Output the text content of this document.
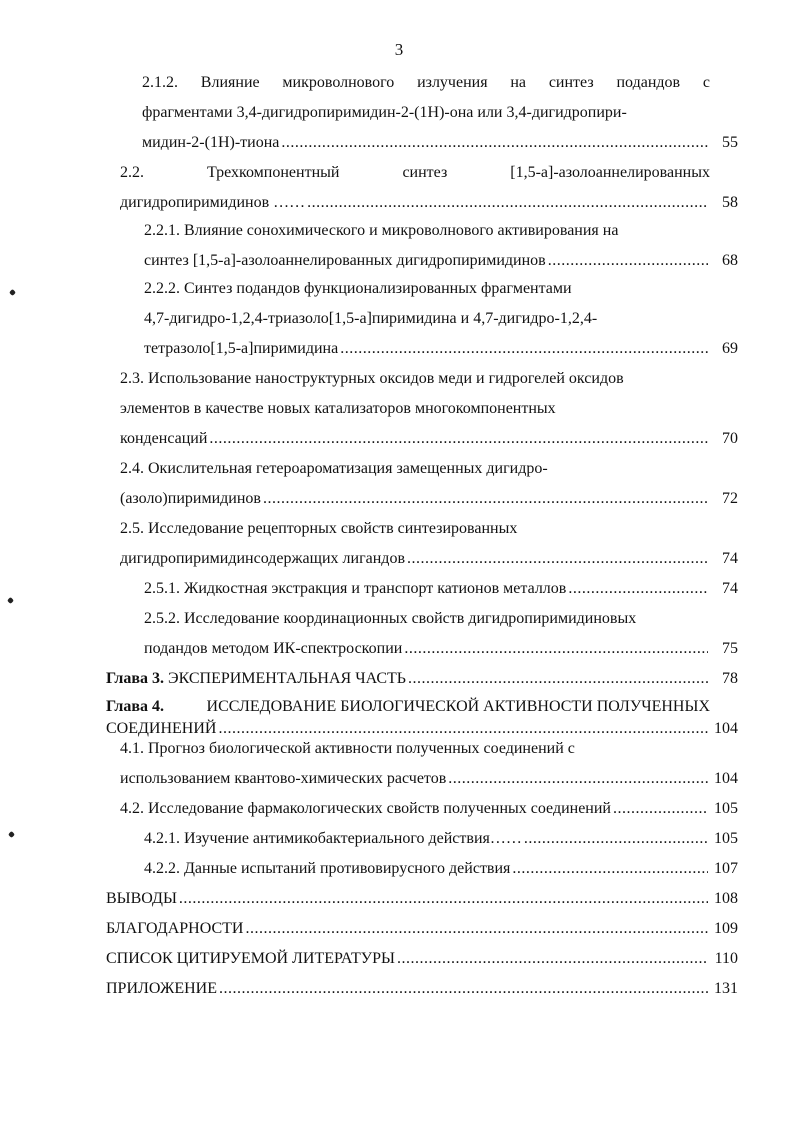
3
2.1.2. Влияние микроволнового излучения на синтез подандов с
фрагментами 3,4-дигидропиримидин-2-(1H)-она или 3,4-дигидропири-
мидин-2-(1H)-тиона .....	55
2.2.	Трехкомпонентный	синтез	[1,5-а]-азолоаннелированных
дигидропиримидинов …… .....	58
2.2.1. Влияние сонохимического и микроволнового активирования на
синтез [1,5-а]-азолоаннелированных дигидропиримидинов .....	68
2.2.2. Синтез подандов функционализированных фрагментами
4,7-дигидро-1,2,4-триазоло[1,5-а]пиримидина и 4,7-дигидро-1,2,4-
тетразоло[1,5-а]пиримидина .....	69
2.3. Использование наноструктурных оксидов меди и гидрогелей оксидов
элементов в качестве новых катализаторов многокомпонентных
конденсаций .....	70
2.4. Окислительная гетероароматизация замещенных дигидро-
(азоло)пиримидинов .....	72
2.5. Исследование рецепторных свойств синтезированных
дигидропиримидинсодержащих лигандов .....	74
2.5.1. Жидкостная экстракция и транспорт катионов металлов .....	74
2.5.2. Исследование координационных свойств дигидропиримидиновых
подандов методом ИК-спектроскопии .....	75
Глава 3.
ЭКСПЕРИМЕНТАЛЬНАЯ ЧАСТЬ .....	78
Глава 4.	ИССЛЕДОВАНИЕ БИОЛОГИЧЕСКОЙ АКТИВНОСТИ ПОЛУЧЕННЫХ
СОЕДИНЕНИЙ .....	104
4.1. Прогноз биологической активности полученных соединений с
использованием квантово-химических расчетов .....	104
4.2. Исследование фармакологических свойств полученных соединений .....	105
4.2.1. Изучение антимикобактериального действия…… .....	105
4.2.2. Данные испытаний противовирусного действия .....	107
ВЫВОДЫ .....	108
БЛАГОДАРНОСТИ .....	109
СПИСОК ЦИТИРУЕМОЙ ЛИТЕРАТУРЫ .....	110
ПРИЛОЖЕНИЕ .....	131
